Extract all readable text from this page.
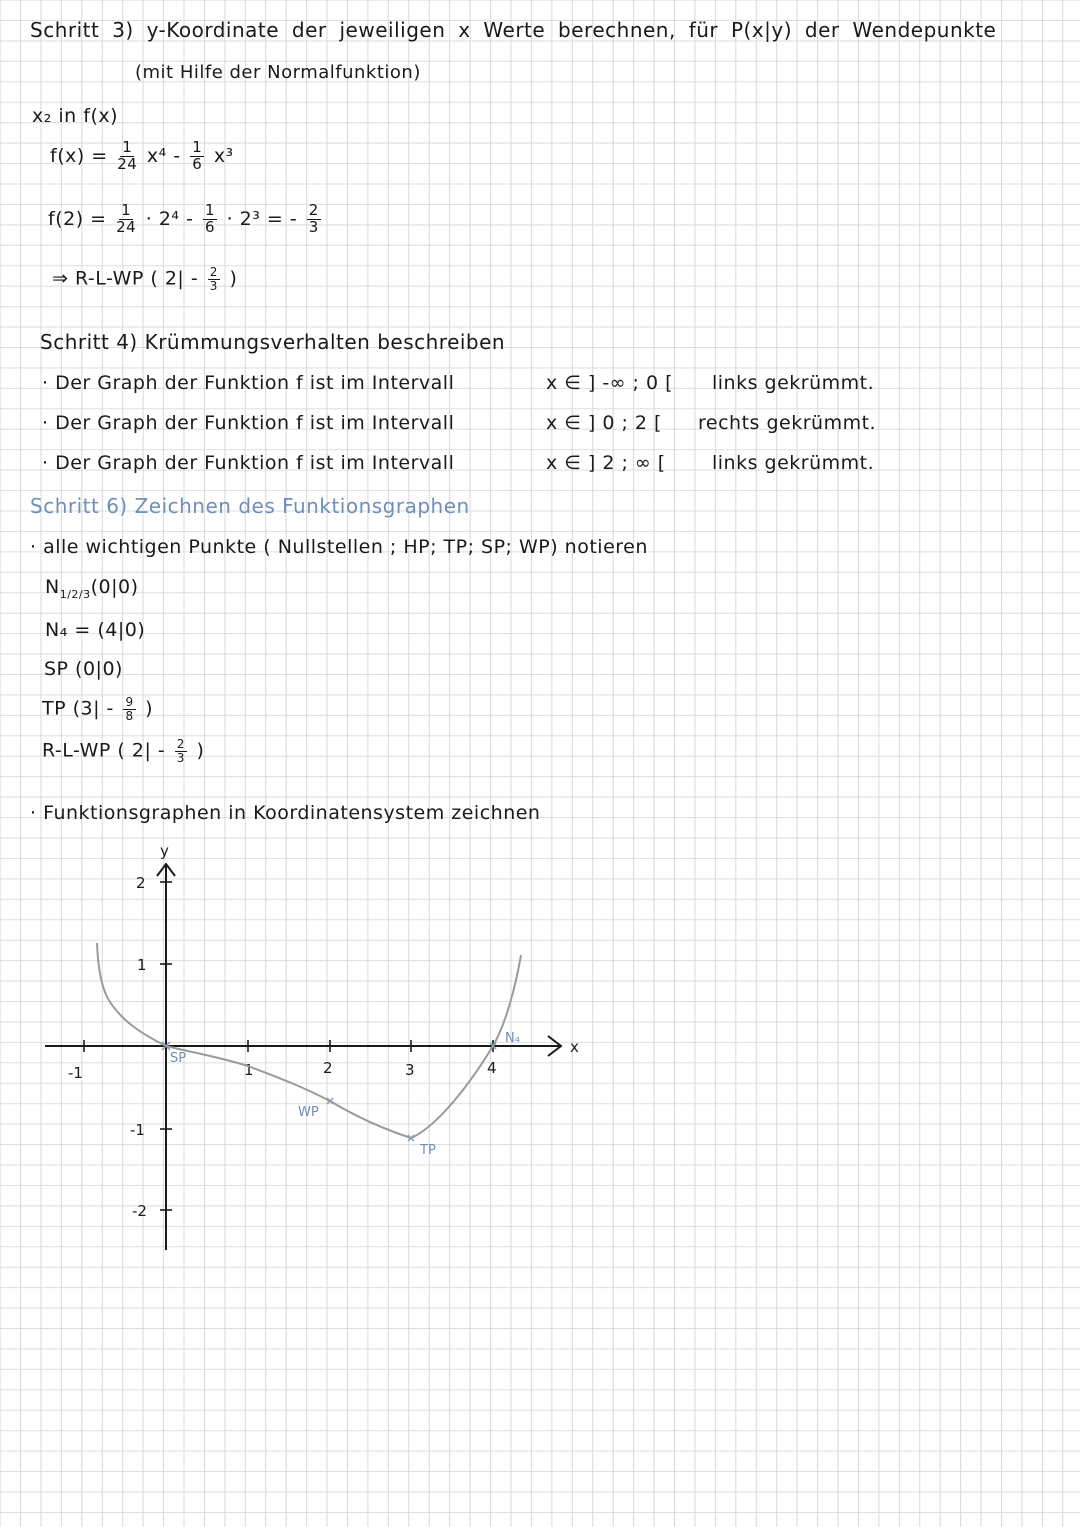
Schritt 3) y-Koordinate der jeweiligen x Werte berechnen, für P(x|y) der Wendepunkte
(mit Hilfe der Normalfunktion)
x₂ in f(x)
$f(x) = \frac{1}{24} x^4 - \frac{1}{6} x^3$
$f(2) = \frac{1}{24} \cdot 2^4 - \frac{1}{6} \cdot 2^3$ = - $\frac{2}{3}$
⇒ R-L-WP ( $2| - \frac{2}{3}$ )
Schritt 4) Krümmungsverhalten beschreiben
· Der Graph der Funktion f ist im Intervall	x ∈ ] -∞ ; 0 [ links gekrümmt.
· Der Graph der Funktion f ist im Intervall	x ∈ ] 0 ; 2 [ rechts gekrümmt.
· Der Graph der Funktion f ist im Intervall	x ∈ ] 2 ; ∞ [ links gekrümmt.
Schritt 6) Zeichnen des Funktionsgraphen
· alle wichtigen Punkte ( Nullstellen ; HP; TP; SP; WP) notieren
$N_{1/2/3}(0|0)$
N₄ = (4|0)
SP (0|0)
TP ($3| - \frac{9}{8}$ )
R-L-WP ( $2| - \frac{2}{3}$ )
· Funktionsgraphen in Koordinatensystem zeichnen
x
y
-1	1	2	3	4
2
1
-1
-2
SP
WP
TP
N₄
